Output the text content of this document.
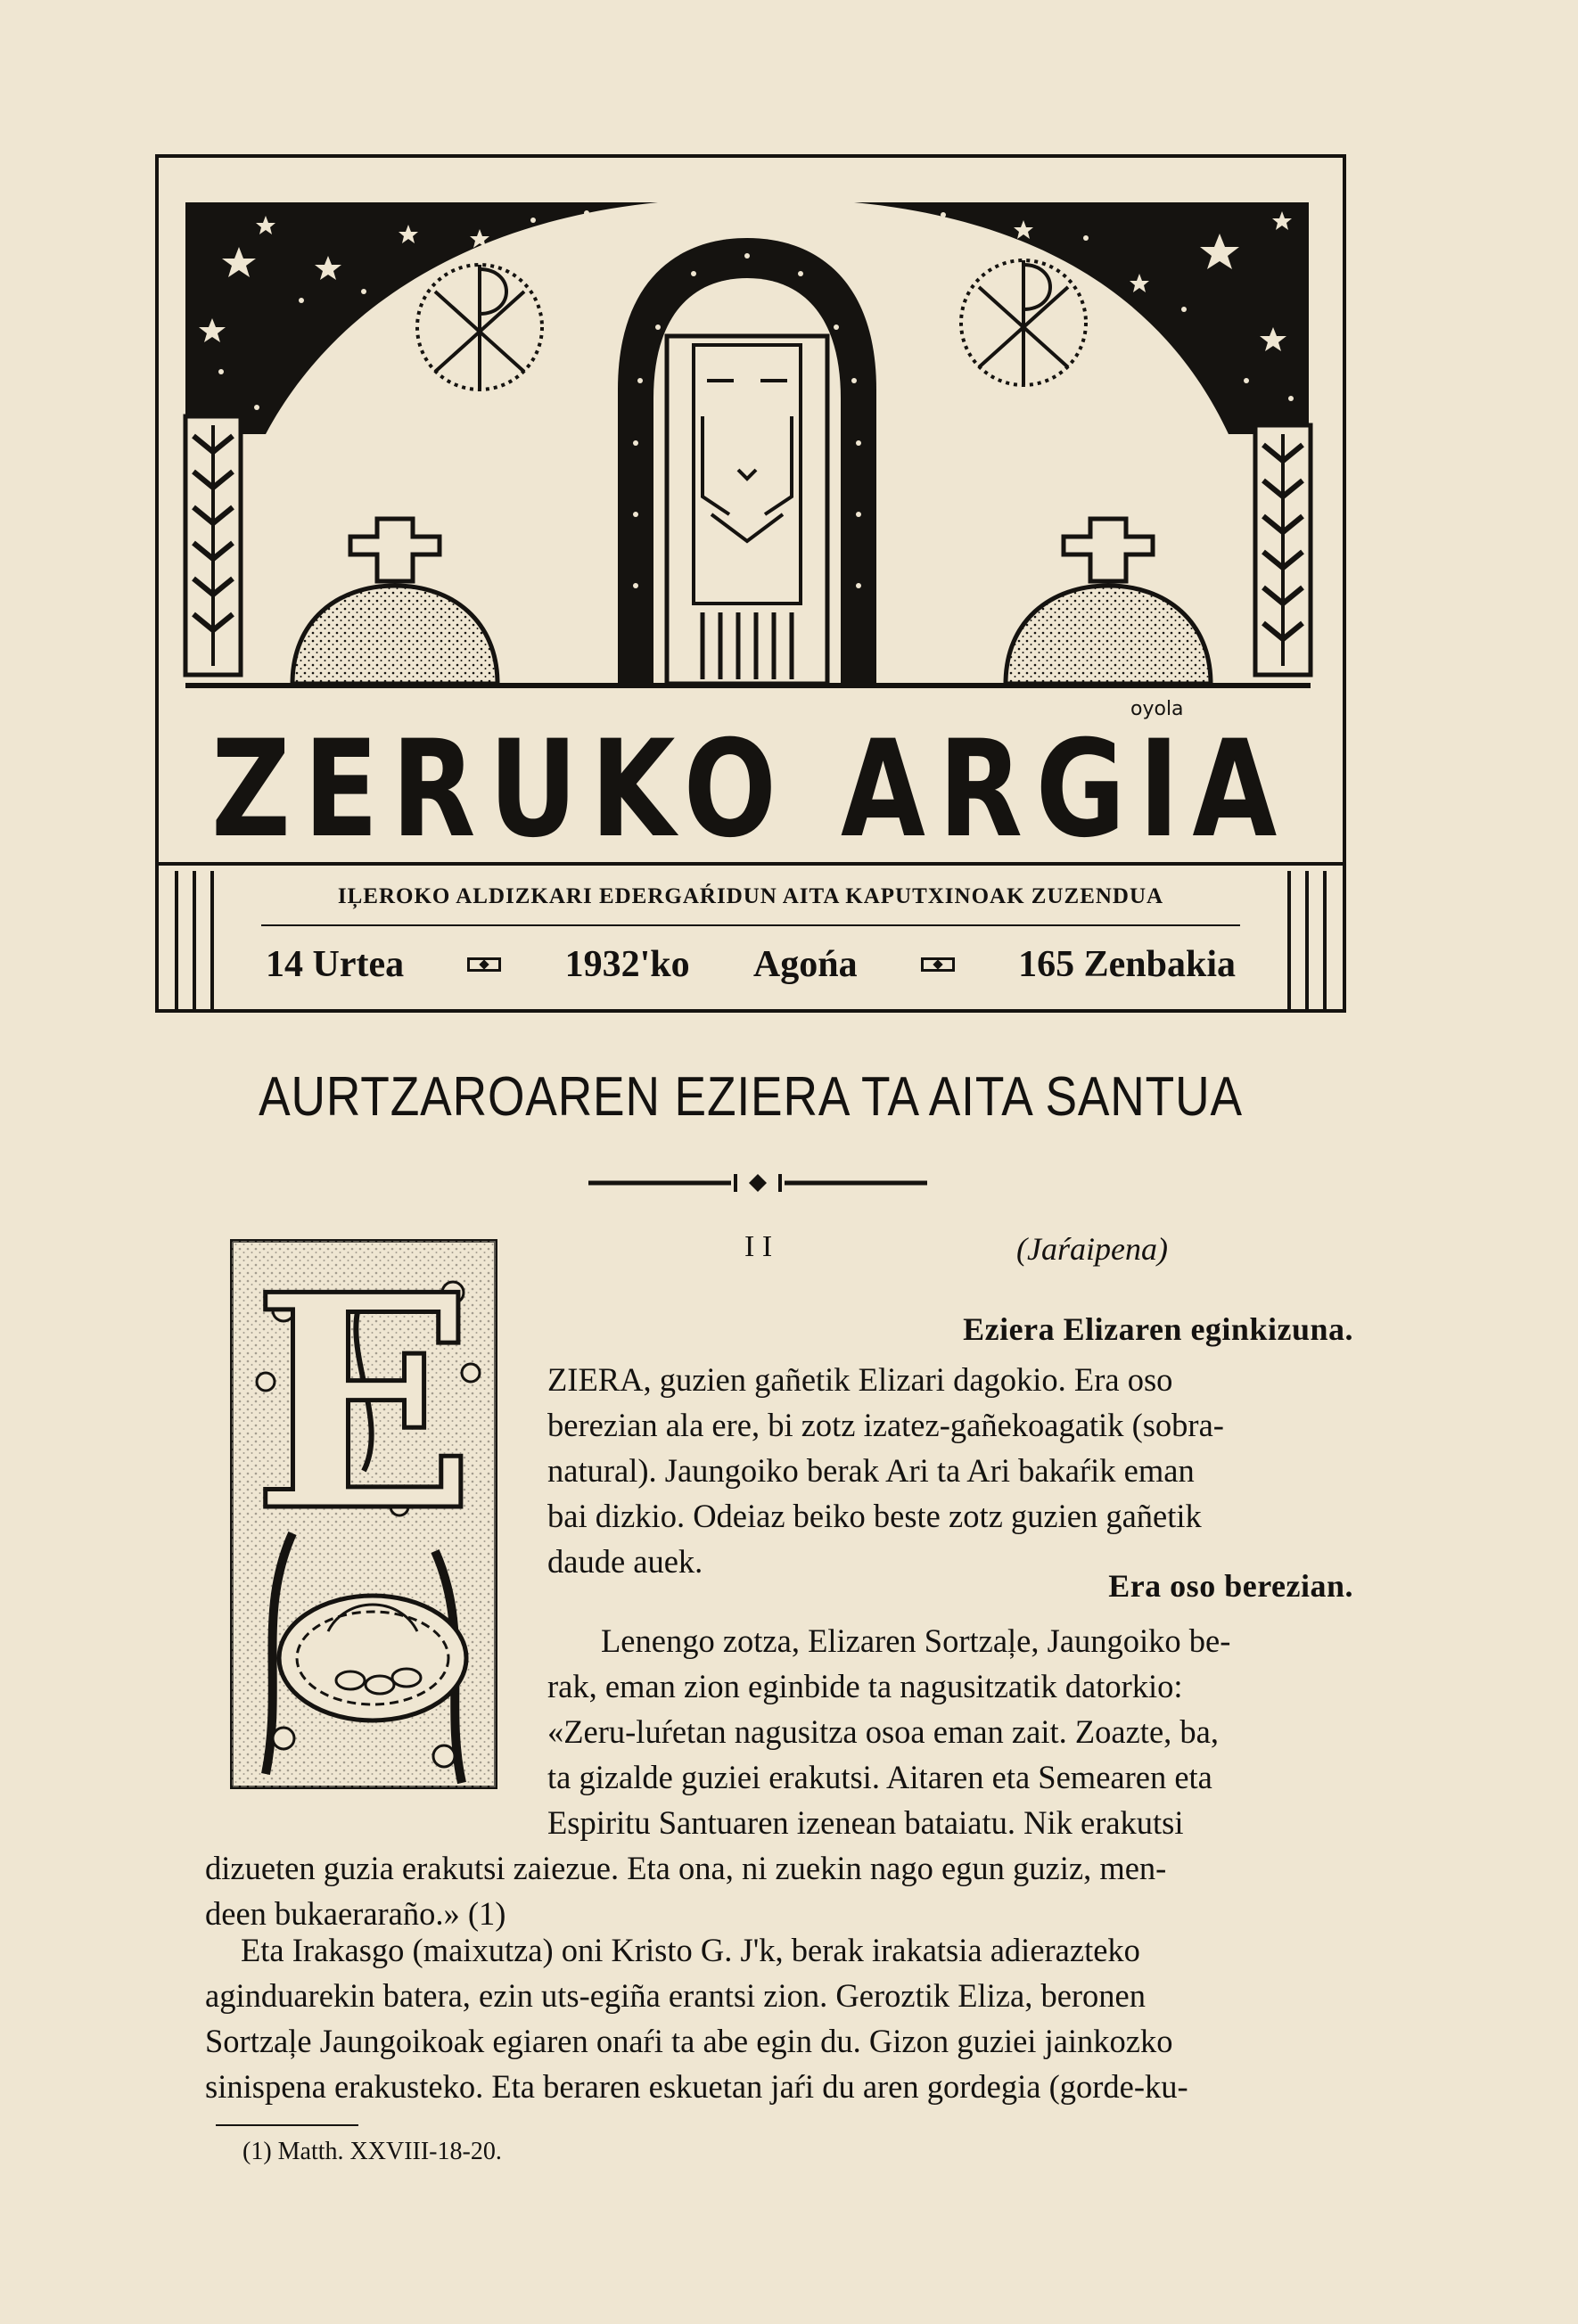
ZERUKO ARGIA
oyola
IĻEROKO ALDIZKARI EDERGAŔIDUN AITA KAPUTXINOAK ZUZENDUA
14 Urtea	1932'ko Agońa	165 Zenbakia
AURTZAROAREN EZIERA TA AITA SANTUA
I I	(Jaŕaipena)
E	Eziera Elizaren eginkizuna.

ZIERA, guzien gañetik Elizari dagokio. Era oso

berezian ala ere, bi zotz izatez-gañekoagatik (sobra-

natural). Jaungoiko berak Ari ta Ari bakaŕik eman

bai dizkio. Odeiaz beiko beste zotz guzien gañetik

daude auek.

Era oso berezian.

Lenengo zotza, Elizaren Sortzaļe, Jaungoiko be-

rak, eman zion eginbide ta nagusitzatik datorkio:

«Zeru-luŕetan nagusitza osoa eman zait. Zoazte, ba,

ta gizalde guziei erakutsi. Aitaren eta Semearen eta

Espiritu Santuaren izenean bataiatu. Nik erakutsi

dizueten guzia erakutsi zaiezue. Eta ona, ni zuekin nago egun guziz, men-

deen bukaeraraño.» (1)

Eta Irakasgo (maixutza) oni Kristo G. J'k, berak irakatsia adierazteko

aginduarekin batera, ezin uts-egiña erantsi zion. Geroztik Eliza, beronen

Sortzaļe Jaungoikoak egiaren onaŕi ta abe egin du. Gizon guziei jainkozko

sinispena erakusteko. Eta beraren eskuetan jaŕi du aren gordegia (gorde-ku-

(1) Matth. XXVIII-18-20.
